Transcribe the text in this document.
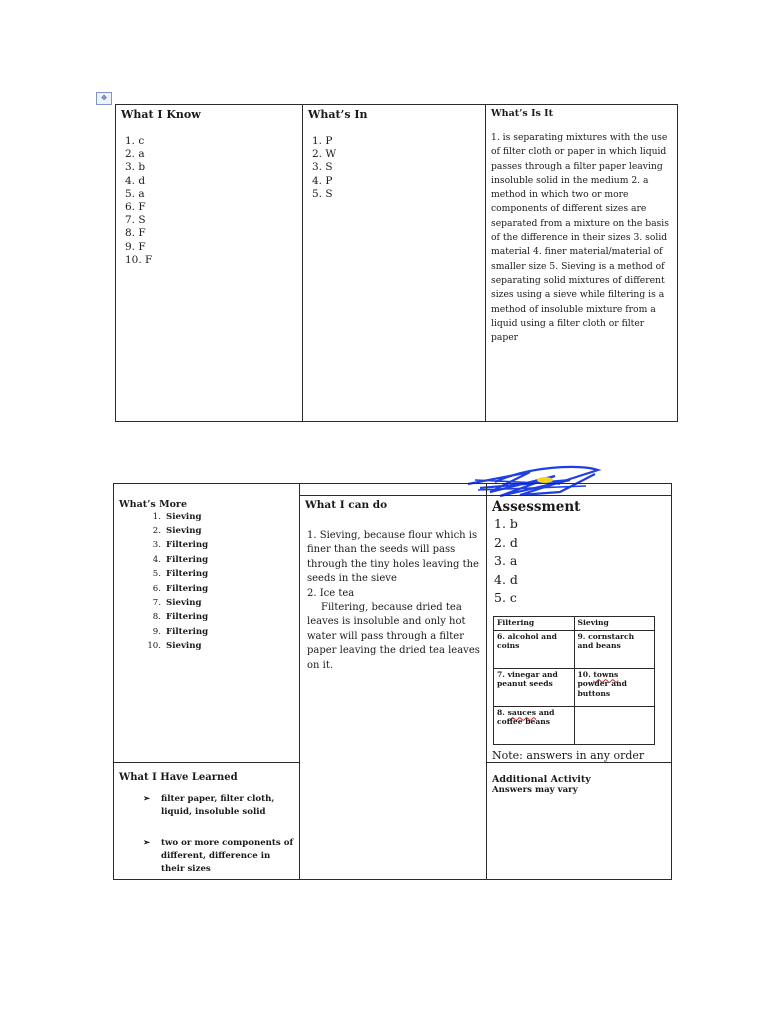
✥

What I Know

1. c
2. a
3. b
4. d
5. a
6. F
7. S
8. F
9. F
10. F

What’s In

1. P
2. W
3. S
4. P
5. S

What’s Is It

1. is separating mixtures with the use of filter cloth or paper in which liquid passes through a filter paper leaving insoluble solid in the medium 2. a method in which two or more components of different sizes are separated from a mixture on the basis of the difference in their sizes 3. solid material 4. finer material/material of smaller size 5. Sieving is a method of separating solid mixtures of different sizes using a sieve while filtering is a method of insoluble mixture from a liquid using a filter cloth or filter paper

What’s More

1. Sieving
2. Sieving
3. Filtering
4. Filtering
5. Filtering
6. Filtering
7. Sieving
8. Filtering
9. Filtering
10. Sieving

What I can do

1. Sieving, because flour which is finer than the seeds will pass through the tiny holes leaving the seeds in the sieve
2. Ice tea
Filtering, because dried tea leaves is insoluble and only hot water will pass through a filter paper leaving the dried tea leaves on it.

Assessment

1. b
2. d
3. a
4. d
5. c
Filtering	Sieving
6. alcohol and coins	9. cornstarch and beans
7. vinegar and peanut seeds	10. towns powder and buttons
8. sauces and coffee beans	

Note: answers in any order

What I Have Learned

➢	filter paper, filter cloth, liquid, insoluble solid
➢	two or more components of different, difference in their sizes

Additional Activity

Answers may vary
